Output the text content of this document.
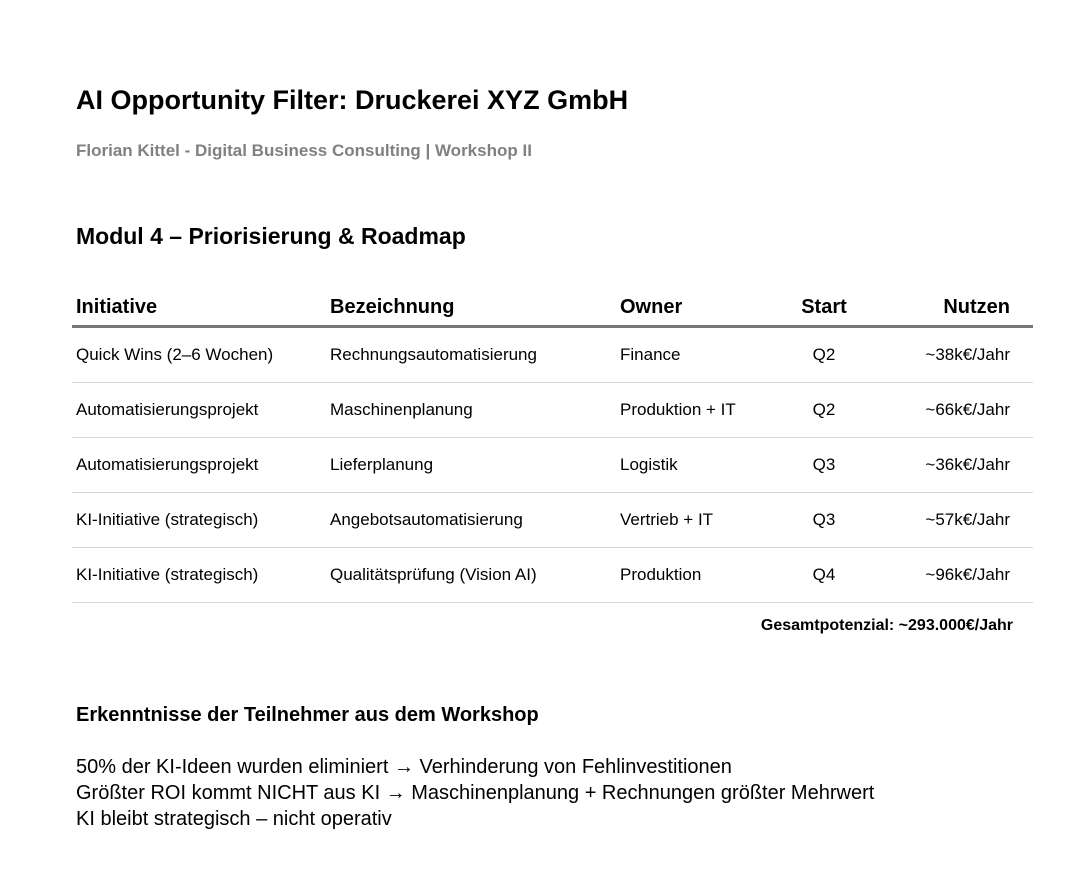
AI Opportunity Filter: Druckerei XYZ GmbH

Florian Kittel - Digital Business Consulting | Workshop II

Modul 4 – Priorisierung & Roadmap
Initiative	Bezeichnung	Owner	Start	Nutzen
Quick Wins (2–6 Wochen)	Rechnungsautomatisierung	Finance	Q2	~38k€/Jahr
Automatisierungsprojekt	Maschinenplanung	Produktion + IT	Q2	~66k€/Jahr
Automatisierungsprojekt	Lieferplanung	Logistik	Q3	~36k€/Jahr
KI-Initiative (strategisch)	Angebotsautomatisierung	Vertrieb + IT	Q3	~57k€/Jahr
KI-Initiative (strategisch)	Qualitätsprüfung (Vision AI)	Produktion	Q4	~96k€/Jahr
Gesamtpotenzial: ~293.000€/Jahr
Erkenntnisse der Teilnehmer aus dem Workshop
50% der KI-Ideen wurden eliminiert → Verhinderung von Fehlinvestitionen
Größter ROI kommt NICHT aus KI → Maschinenplanung + Rechnungen größter Mehrwert
KI bleibt strategisch – nicht operativ
